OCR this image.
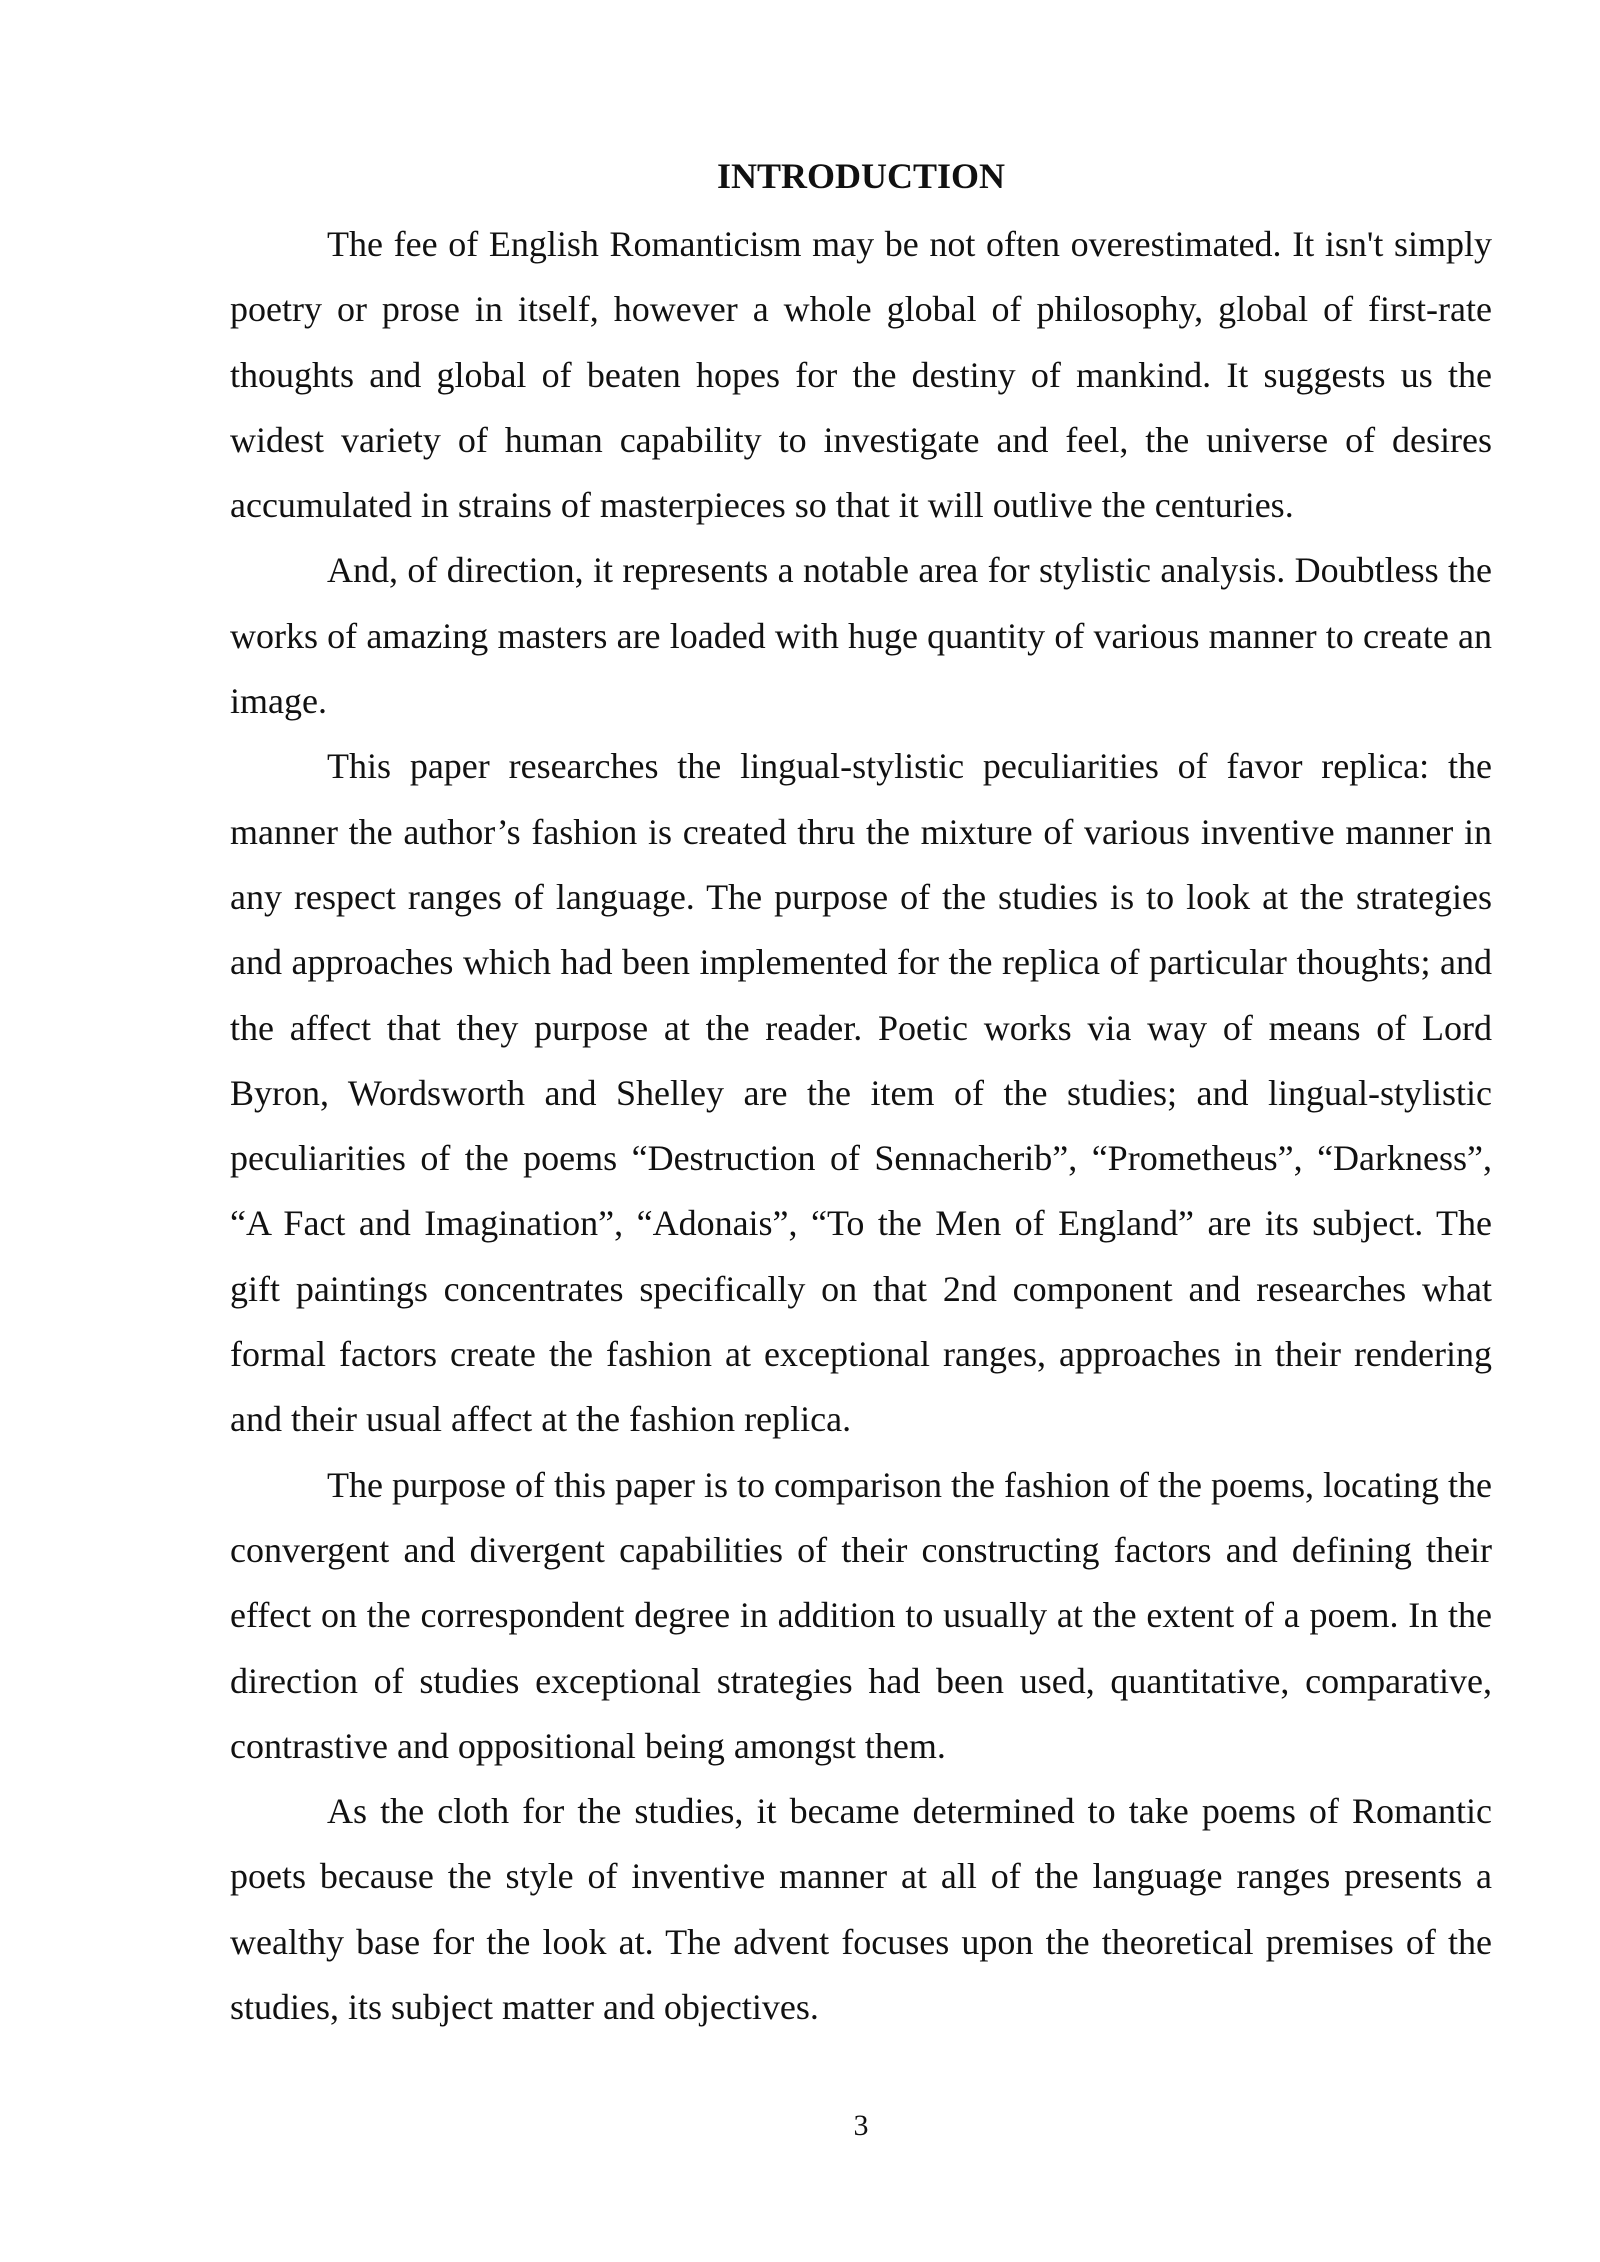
INTRODUCTION

The fee of English Romanticism may be not often overestimated. It isn't simply poetry or prose in itself, however a whole global of philosophy, global of first-rate thoughts and global of beaten hopes for the destiny of mankind. It suggests us the widest variety of human capability to investigate and feel, the universe of desires accumulated in strains of masterpieces so that it will outlive the centuries.

And, of direction, it represents a notable area for stylistic analysis. Doubtless the works of amazing masters are loaded with huge quantity of various manner to create an image.

This paper researches the lingual-stylistic peculiarities of favor replica: the manner the author’s fashion is created thru the mixture of various inventive manner in any respect ranges of language. The purpose of the studies is to look at the strategies and approaches which had been implemented for the replica of particular thoughts; and the affect that they purpose at the reader. Poetic works via way of means of Lord Byron, Wordsworth and Shelley are the item of the studies; and lingual-stylistic peculiarities of the poems “Destruction of Sennacherib”, “Prometheus”, “Darkness”, “A Fact and Imagination”, “Adonais”, “To the Men of England” are its subject. The gift paintings concentrates specifically on that 2nd component and researches what formal factors create the fashion at exceptional ranges, approaches in their rendering and their usual affect at the fashion replica.

The purpose of this paper is to comparison the fashion of the poems, locating the convergent and divergent capabilities of their constructing factors and defining their effect on the correspondent degree in addition to usually at the extent of a poem. In the direction of studies exceptional strategies had been used, quantitative, comparative, contrastive and oppositional being amongst them.

As the cloth for the studies, it became determined to take poems of Romantic poets because the style of inventive manner at all of the language ranges presents a wealthy base for the look at. The advent focuses upon the theoretical premises of the studies, its subject matter and objectives.

3
